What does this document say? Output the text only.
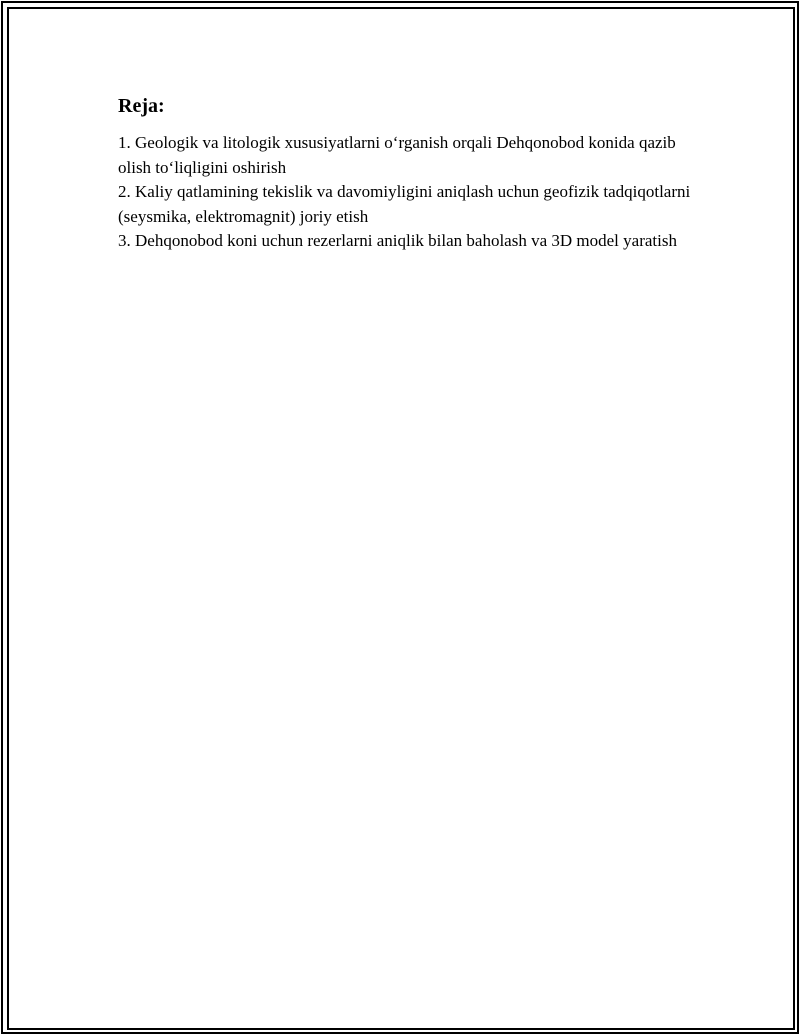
Reja:
1. Geologik va litologik xususiyatlarni o‘rganish orqali Dehqonobod konida qazib olish to‘liqligini oshirish
2. Kaliy qatlamining tekislik va davomiyligini aniqlash uchun geofizik tadqiqotlarni (seysmika, elektromagnit) joriy etish
3. Dehqonobod koni uchun rezerlarni aniqlik bilan baholash va 3D model yaratish
